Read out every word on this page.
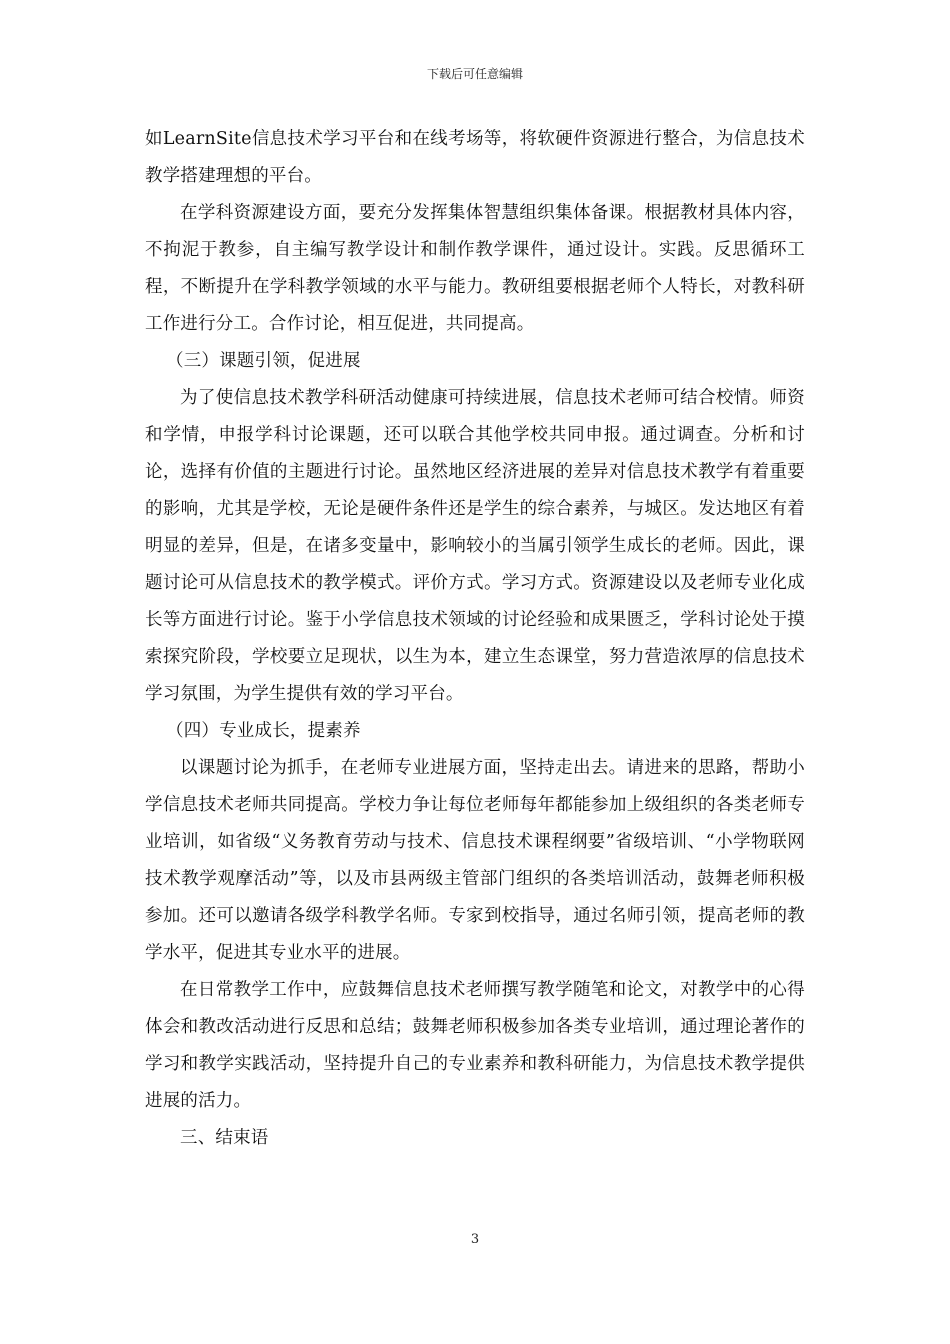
下载后可任意编辑

如LearnSite信息技术学习平台和在线考场等，将软硬件资源进行整合，为信息技术教学搭建理想的平台。

在学科资源建设方面，要充分发挥集体智慧组织集体备课。根据教材具体内容，不拘泥于教参，自主编写教学设计和制作教学课件，通过设计。实践。反思循环工程，不断提升在学科教学领域的水平与能力。教研组要根据老师个人特长，对教科研工作进行分工。合作讨论，相互促进，共同提高。

（三）课题引领，促进展

为了使信息技术教学科研活动健康可持续进展，信息技术老师可结合校情。师资和学情，申报学科讨论课题，还可以联合其他学校共同申报。通过调查。分析和讨论，选择有价值的主题进行讨论。虽然地区经济进展的差异对信息技术教学有着重要的影响，尤其是学校，无论是硬件条件还是学生的综合素养，与城区。发达地区有着明显的差异，但是，在诸多变量中，影响较小的当属引领学生成长的老师。因此，课题讨论可从信息技术的教学模式。评价方式。学习方式。资源建设以及老师专业化成长等方面进行讨论。鉴于小学信息技术领域的讨论经验和成果匮乏，学科讨论处于摸索探究阶段，学校要立足现状，以生为本，建立生态课堂，努力营造浓厚的信息技术学习氛围，为学生提供有效的学习平台。

（四）专业成长，提素养

以课题讨论为抓手，在老师专业进展方面，坚持走出去。请进来的思路，帮助小学信息技术老师共同提高。学校力争让每位老师每年都能参加上级组织的各类老师专业培训，如省级“义务教育劳动与技术、信息技术课程纲要”省级培训、“小学物联网技术教学观摩活动”等，以及市县两级主管部门组织的各类培训活动，鼓舞老师积极参加。还可以邀请各级学科教学名师。专家到校指导，通过名师引领，提高老师的教学水平，促进其专业水平的进展。

在日常教学工作中，应鼓舞信息技术老师撰写教学随笔和论文，对教学中的心得体会和教改活动进行反思和总结；鼓舞老师积极参加各类专业培训，通过理论著作的学习和教学实践活动，坚持提升自己的专业素养和教科研能力，为信息技术教学提供进展的活力。

三、结束语

3
